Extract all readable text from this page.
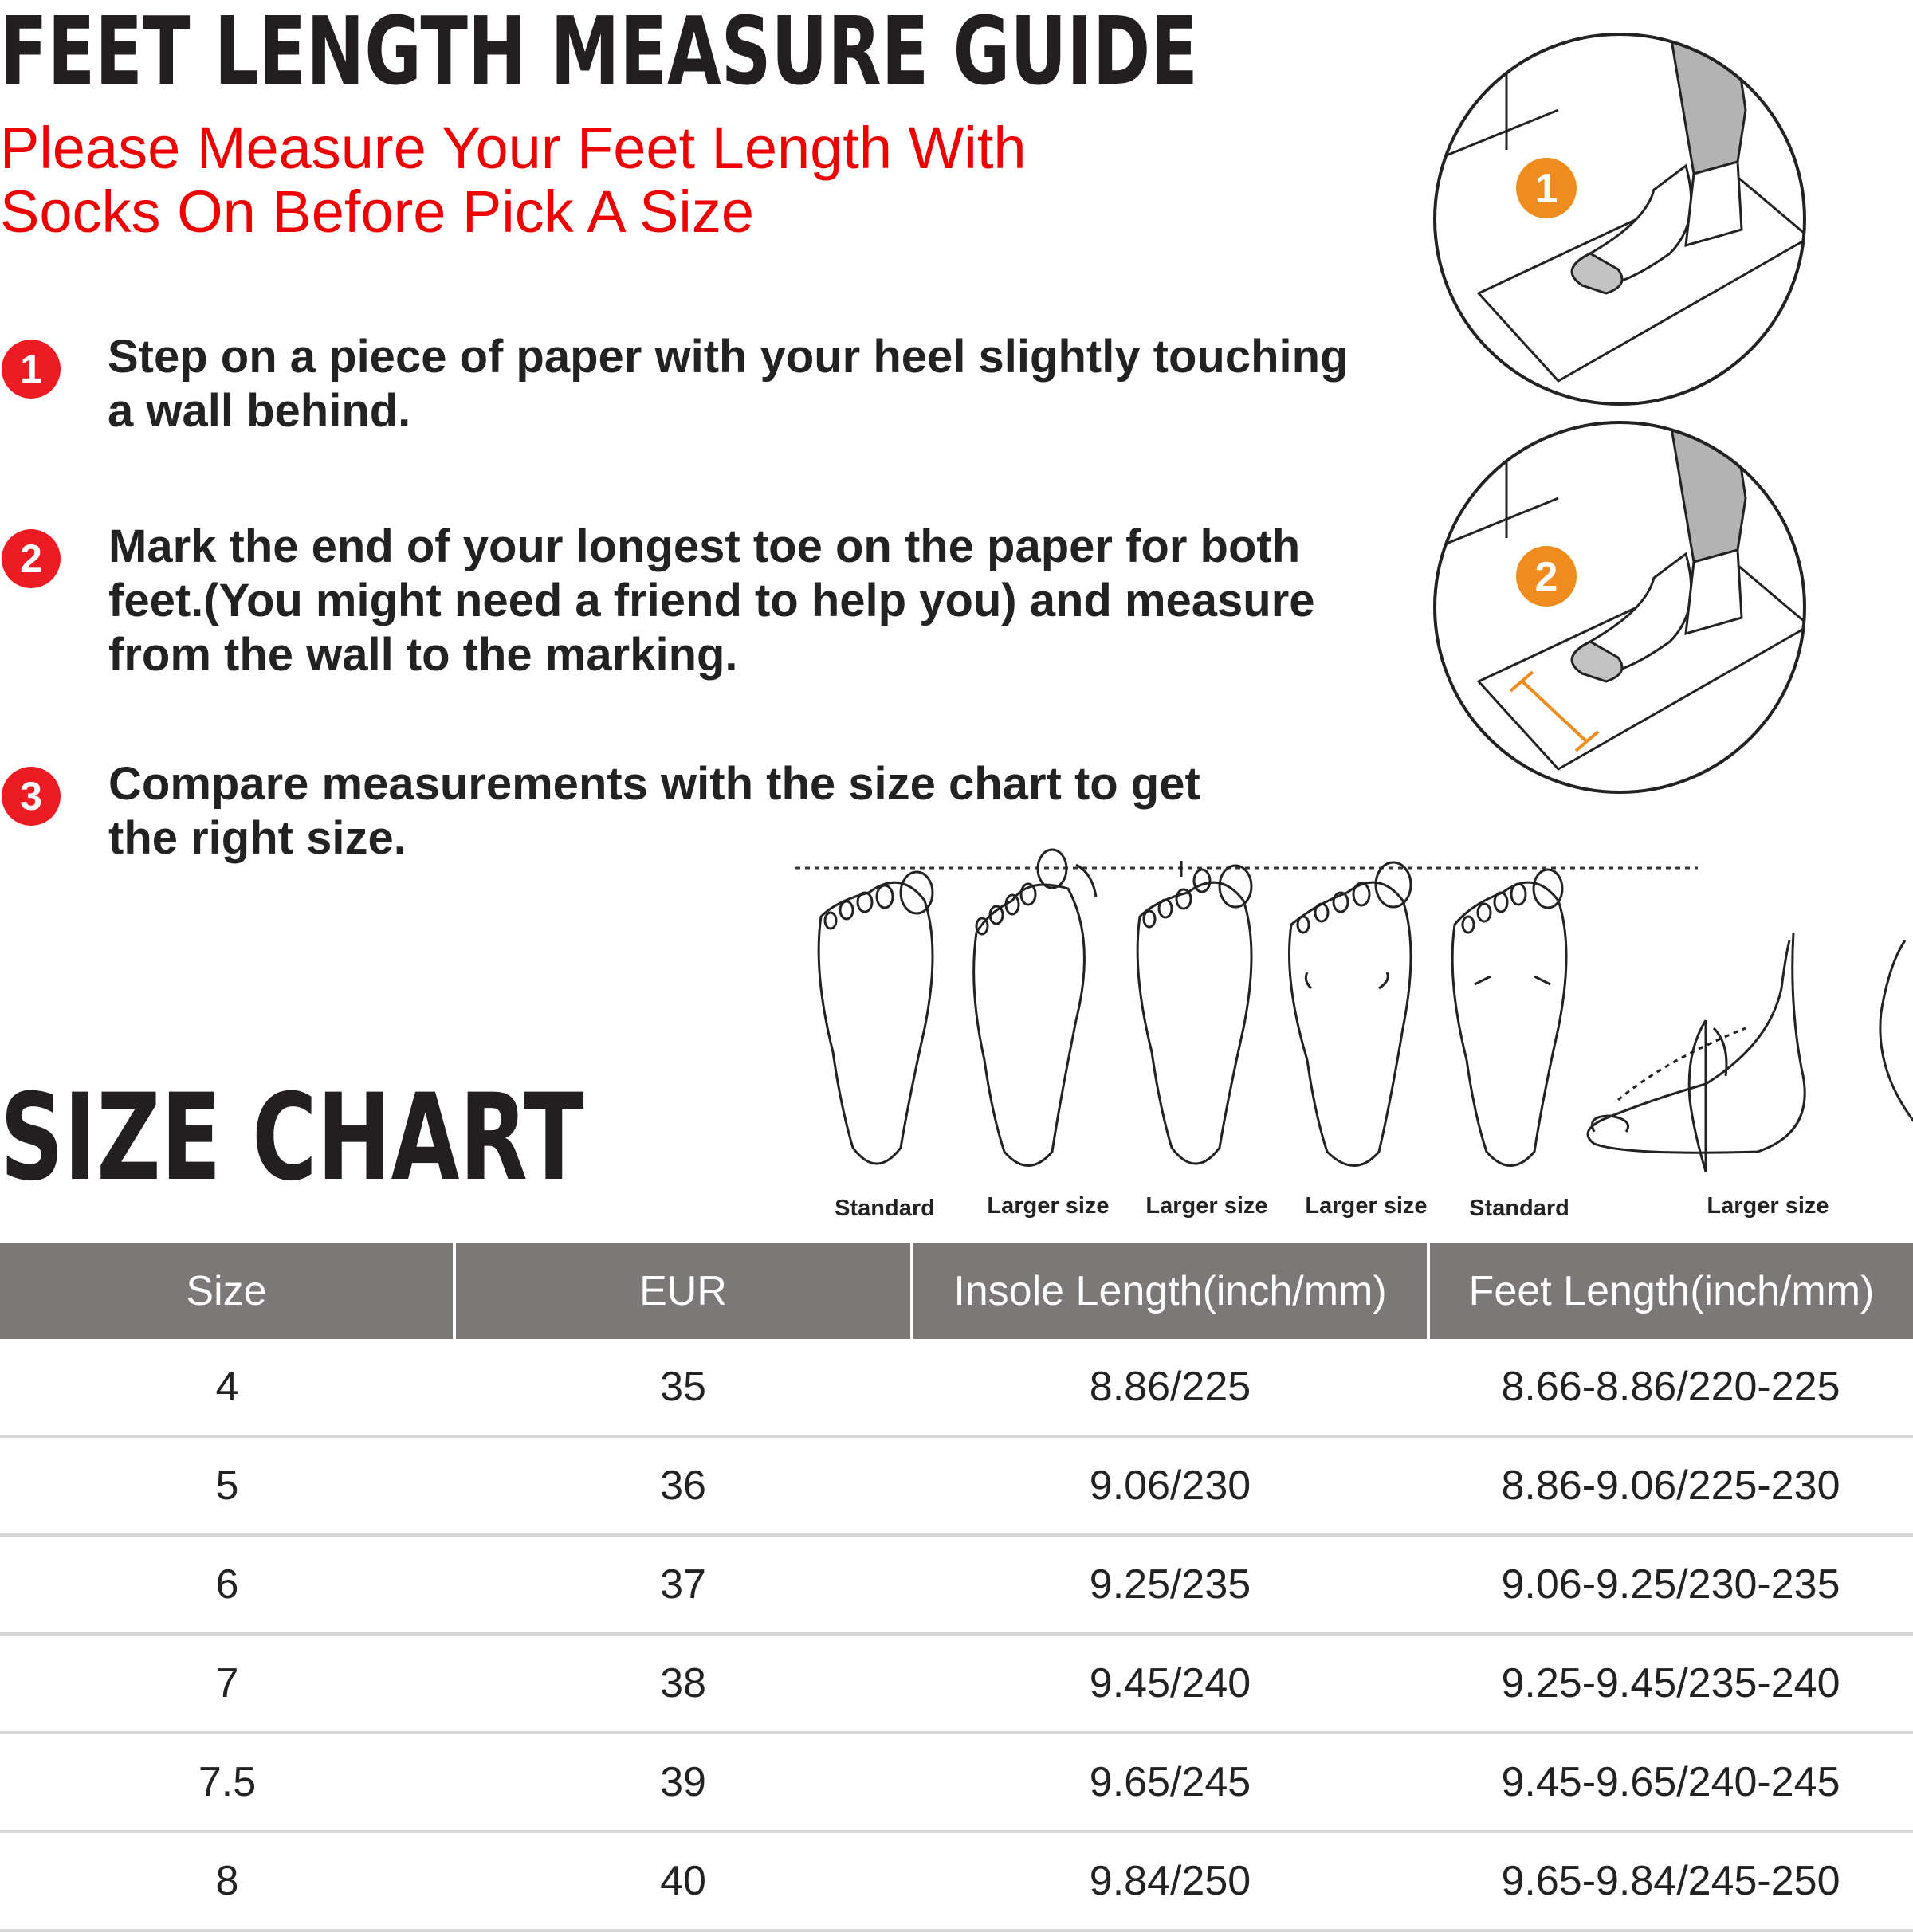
FEET LENGTH MEASURE GUIDE

Please Measure Your Feet Length With Socks On Before Pick A Size

1	Step on a piece of paper with your heel slightly touching a wall behind.
2	Mark the end of your longest toe on the paper for both feet.(You might need a friend to help you) and measure from the wall to the marking.
3	Compare measurements with the size chart to get the right size.
1
2
Standard	Larger size	Larger size	Larger size	Standard	Larger size
SIZE CHART
Size	EUR	Insole Length(inch/mm)	Feet Length(inch/mm)
4	35	8.86/225	8.66-8.86/220-225
5	36	9.06/230	8.86-9.06/225-230
6	37	9.25/235	9.06-9.25/230-235
7	38	9.45/240	9.25-9.45/235-240
7.5	39	9.65/245	9.45-9.65/240-245
8	40	9.84/250	9.65-9.84/245-250
